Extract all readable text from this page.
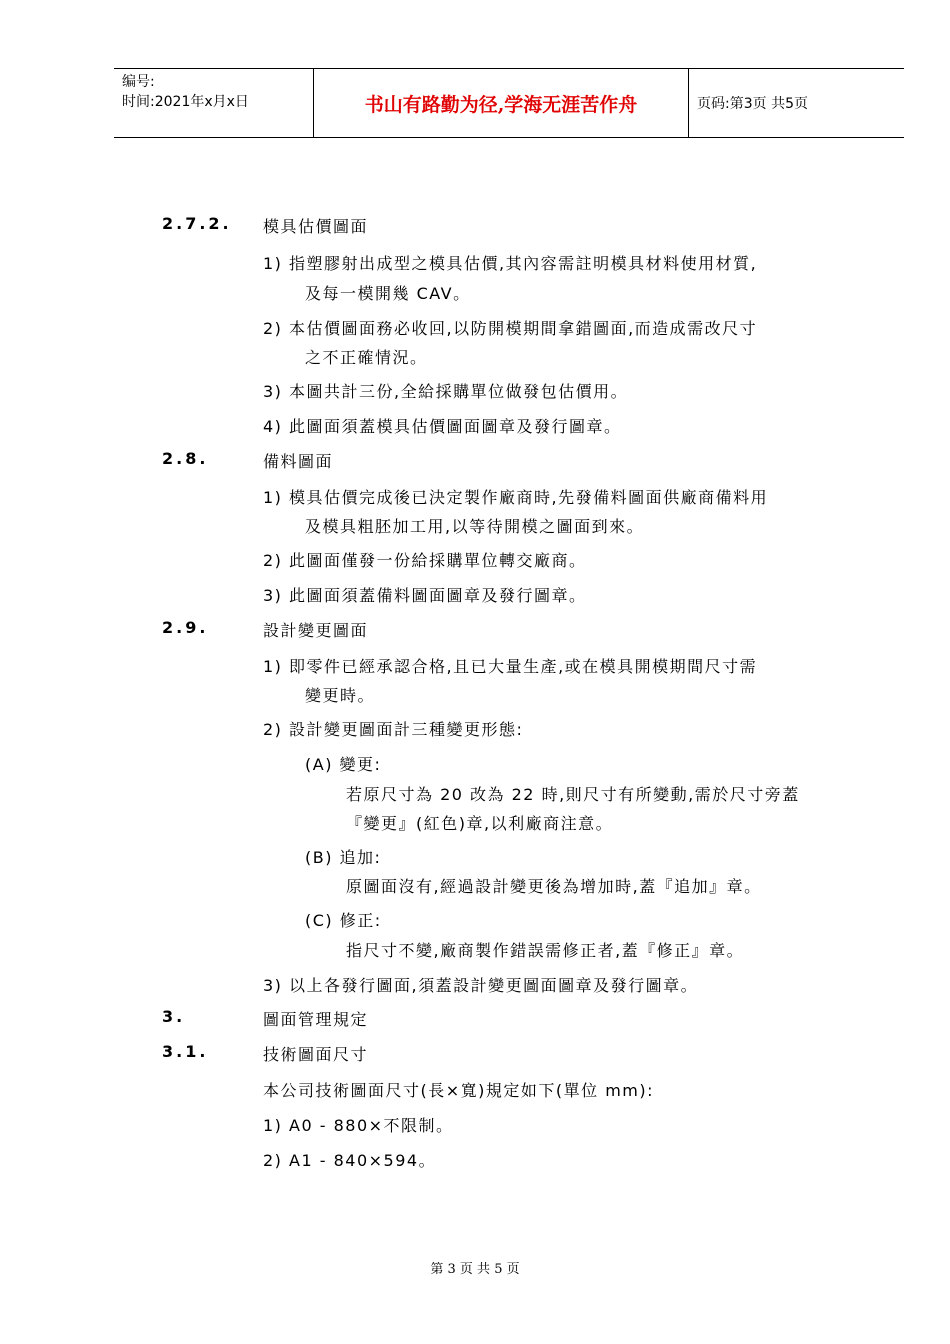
编号:
时间:2021年x月x日	书山有路勤为径,学海无涯苦作舟	页码:第3页 共5页
2.7.2. 模具估價圖面
1) 指塑膠射出成型之模具估價,其內容需註明模具材料使用材質,
及每一模開幾 CAV。
2) 本估價圖面務必收回,以防開模期間拿錯圖面,而造成需改尺寸
之不正確情況。
3) 本圖共計三份,全給採購單位做發包估價用。
4) 此圖面須蓋模具估價圖面圖章及發行圖章。
2.8.	備料圖面
1) 模具估價完成後已決定製作廠商時,先發備料圖面供廠商備料用
及模具粗胚加工用,以等待開模之圖面到來。
2) 此圖面僅發一份給採購單位轉交廠商。
3) 此圖面須蓋備料圖面圖章及發行圖章。
2.9.	設計變更圖面
1) 即零件已經承認合格,且已大量生產,或在模具開模期間尺寸需
變更時。
2) 設計變更圖面計三種變更形態:
(A) 變更:
若原尺寸為 20 改為 22 時,則尺寸有所變動,需於尺寸旁蓋
『變更』(紅色)章,以利廠商注意。
(B) 追加:
原圖面沒有,經過設計變更後為增加時,蓋『追加』章。
(C) 修正:
指尺寸不變,廠商製作錯誤需修正者,蓋『修正』章。
3) 以上各發行圖面,須蓋設計變更圖面圖章及發行圖章。
3.	圖面管理規定
3.1.	技術圖面尺寸
本公司技術圖面尺寸(長×寬)規定如下(單位 mm):
1) A0 - 880×不限制。
2) A1 - 840×594。
第 3 页 共 5 页
